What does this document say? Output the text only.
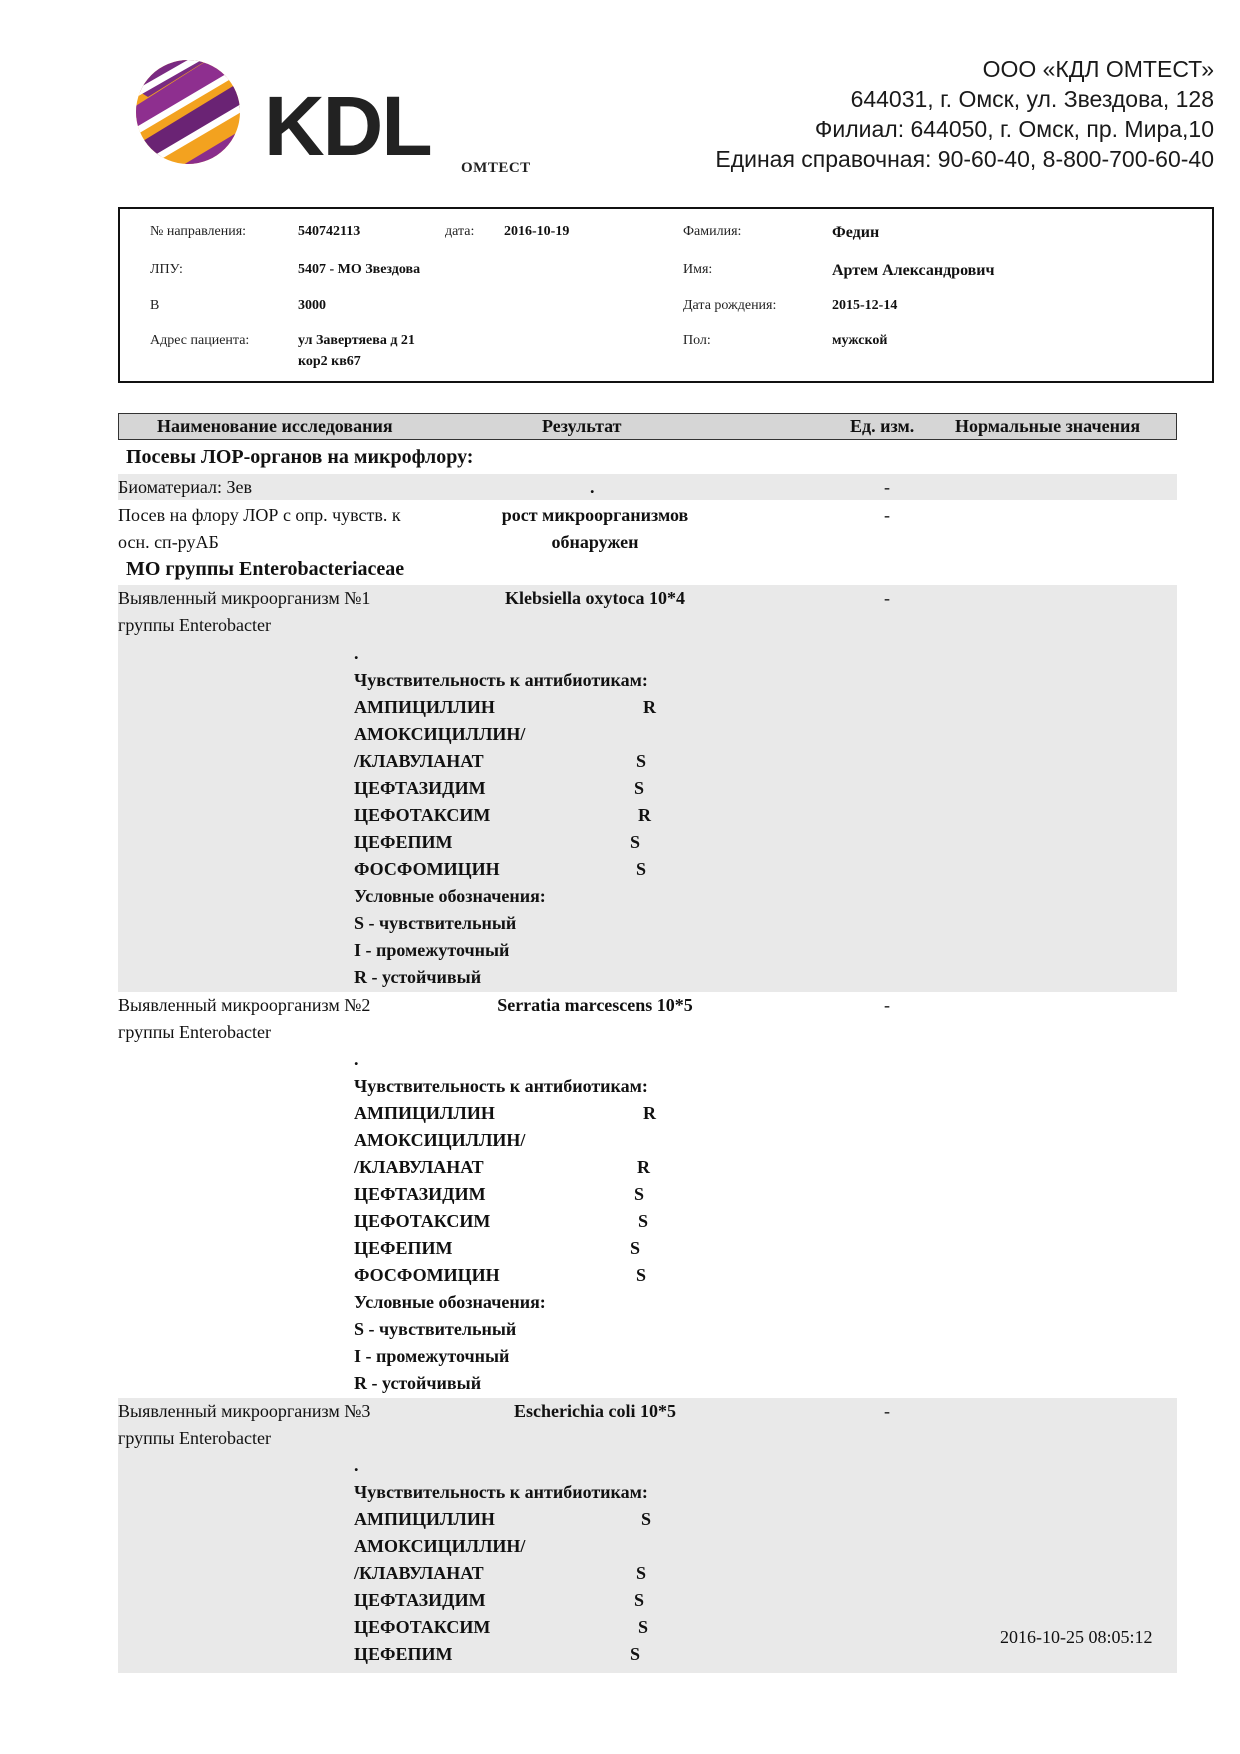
KDL OMTECT
ООО «КДЛ ОМТЕСТ»
644031, г. Омск, ул. Звездова, 128
Филиал: 644050, г. Омск, пр. Мира,10
Единая справочная: 90-60-40, 8-800-700-60-40
№ направления:	540742113	дата: 2016-10-19
ЛПУ:	5407 - МО Звездова
В	3000
Адрес пациента:	ул Завертяева д 21
кор2 кв67
Фамилия:	Федин
Имя:	Артем Александрович
Дата рождения:	2015-12-14
Пол:	мужской
Наименование исследования	Результат	Ед. изм. Нормальные значения
Посевы ЛОР-органов на микрофлору:
Биоматериал: Зев	.	-
Посев на флору ЛОР с опр. чувств. к
осн. сп-руАБ
рост микроорганизмов
обнаружен
-
МО группы Enterobacteriaceae
Выявленный микроорганизм №1
группы Enterobacter
Klebsiella oxytoca 10*4	-
.
Чувствительность к антибиотикам:
АМПИЦИЛЛИН	R
АМОКСИЦИЛЛИН/
/КЛАВУЛАНАТ	S
ЦЕФТАЗИДИМ	S
ЦЕФОТАКСИМ	R
ЦЕФЕПИМ	S
ФОСФОМИЦИН	S
Условные обозначения:
S - чувствительный
I - промежуточный
R - устойчивый
Выявленный микроорганизм №2
группы Enterobacter
Serratia marcescens 10*5	-
.
Чувствительность к антибиотикам:
АМПИЦИЛЛИН	R
АМОКСИЦИЛЛИН/
/КЛАВУЛАНАТ	R
ЦЕФТАЗИДИМ	S
ЦЕФОТАКСИМ	S
ЦЕФЕПИМ	S
ФОСФОМИЦИН	S
Условные обозначения:
S - чувствительный
I - промежуточный
R - устойчивый
Выявленный микроорганизм №3
группы Enterobacter
Escherichia coli 10*5	-
.
Чувствительность к антибиотикам:
АМПИЦИЛЛИН	S
АМОКСИЦИЛЛИН/
/КЛАВУЛАНАТ	S
ЦЕФТАЗИДИМ	S
ЦЕФОТАКСИМ	S
ЦЕФЕПИМ	S
2016-10-25 08:05:12
